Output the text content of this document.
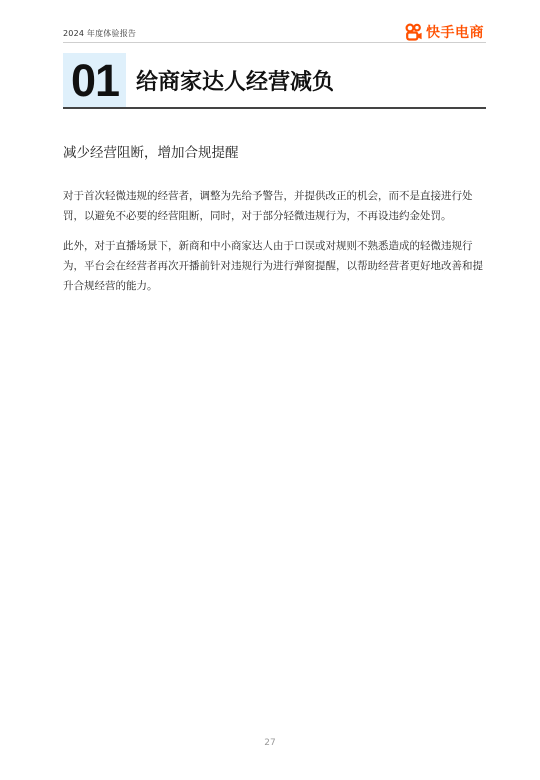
2024 年度体验报告	快手电商
01 给商家达人经营减负
减少经营阻断，增加合规提醒

对于首次轻微违规的经营者，调整为先给予警告，并提供改正的机会，而不是直接进行处罚，以避免不必要的经营阻断，同时，对于部分轻微违规行为，不再设违约金处罚。

此外，对于直播场景下，新商和中小商家达人由于口误或对规则不熟悉造成的轻微违规行为，平台会在经营者再次开播前针对违规行为进行弹窗提醒，以帮助经营者更好地改善和提升合规经营的能力。

27
